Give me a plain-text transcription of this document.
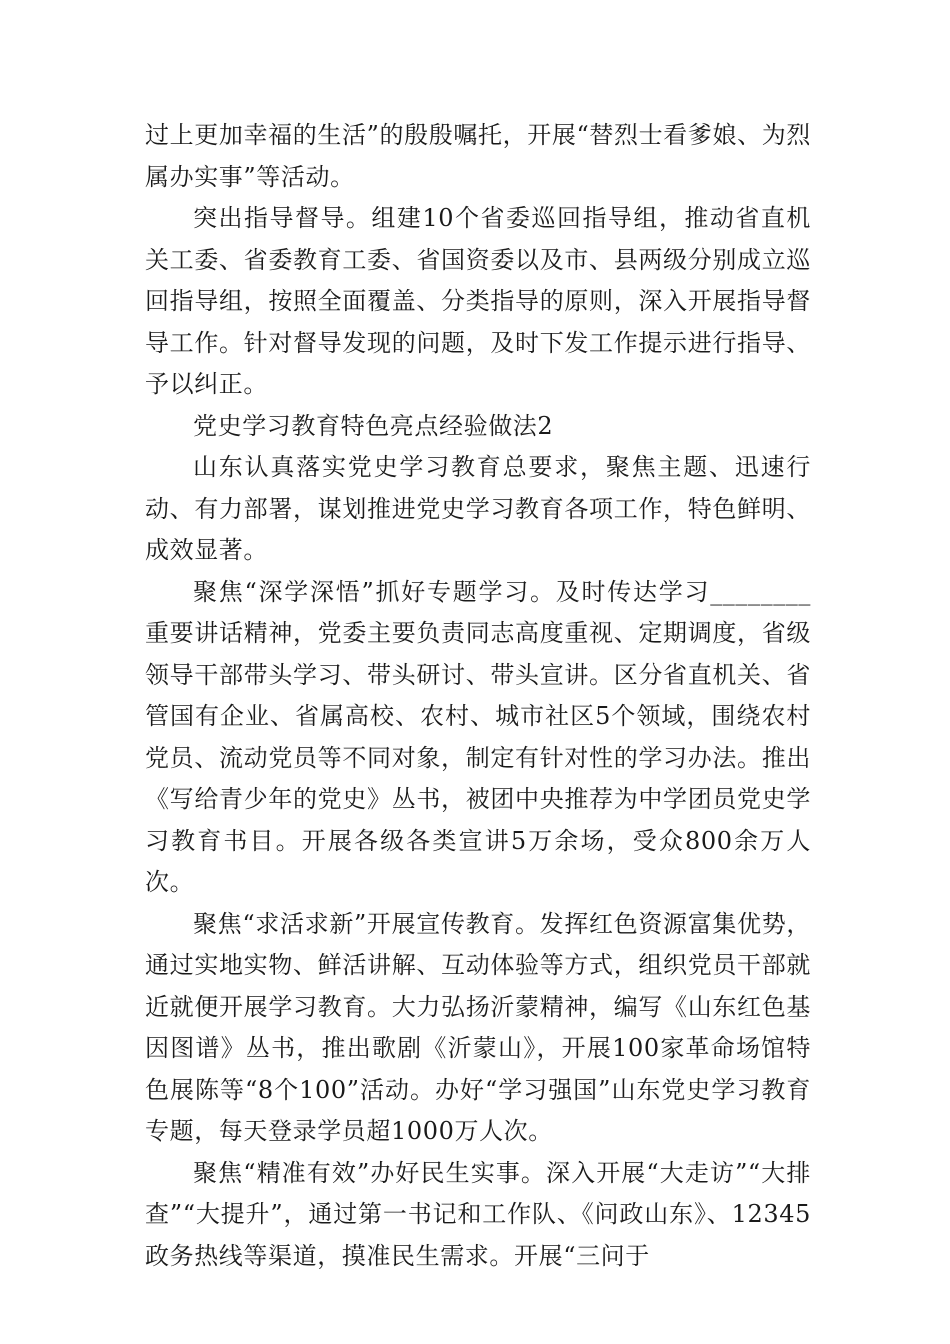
过上更加幸福的生活”的殷殷嘱托，开展“替烈士看爹娘、为烈属办实事”等活动。

突出指导督导。组建10个省委巡回指导组，推动省直机关工委、省委教育工委、省国资委以及市、县两级分别成立巡回指导组，按照全面覆盖、分类指导的原则，深入开展指导督导工作。针对督导发现的问题，及时下发工作提示进行指导、予以纠正。

党史学习教育特色亮点经验做法2

山东认真落实党史学习教育总要求，聚焦主题、迅速行动、有力部署，谋划推进党史学习教育各项工作，特色鲜明、成效显著。

聚焦“深学深悟”抓好专题学习。及时传达学习________重要讲话精神，党委主要负责同志高度重视、定期调度，省级领导干部带头学习、带头研讨、带头宣讲。区分省直机关、省管国有企业、省属高校、农村、城市社区5个领域，围绕农村党员、流动党员等不同对象，制定有针对性的学习办法。推出《写给青少年的党史》丛书，被团中央推荐为中学团员党史学习教育书目。开展各级各类宣讲5万余场，受众800余万人次。

聚焦“求活求新”开展宣传教育。发挥红色资源富集优势，通过实地实物、鲜活讲解、互动体验等方式，组织党员干部就近就便开展学习教育。大力弘扬沂蒙精神，编写《山东红色基因图谱》丛书，推出歌剧《沂蒙山》，开展100家革命场馆特色展陈等“8个100”活动。办好“学习强国”山东党史学习教育专题，每天登录学员超1000万人次。

聚焦“精准有效”办好民生实事。深入开展“大走访”“大排查”“大提升”，通过第一书记和工作队、《问政山东》、12345政务热线等渠道，摸准民生需求。开展“三问于
